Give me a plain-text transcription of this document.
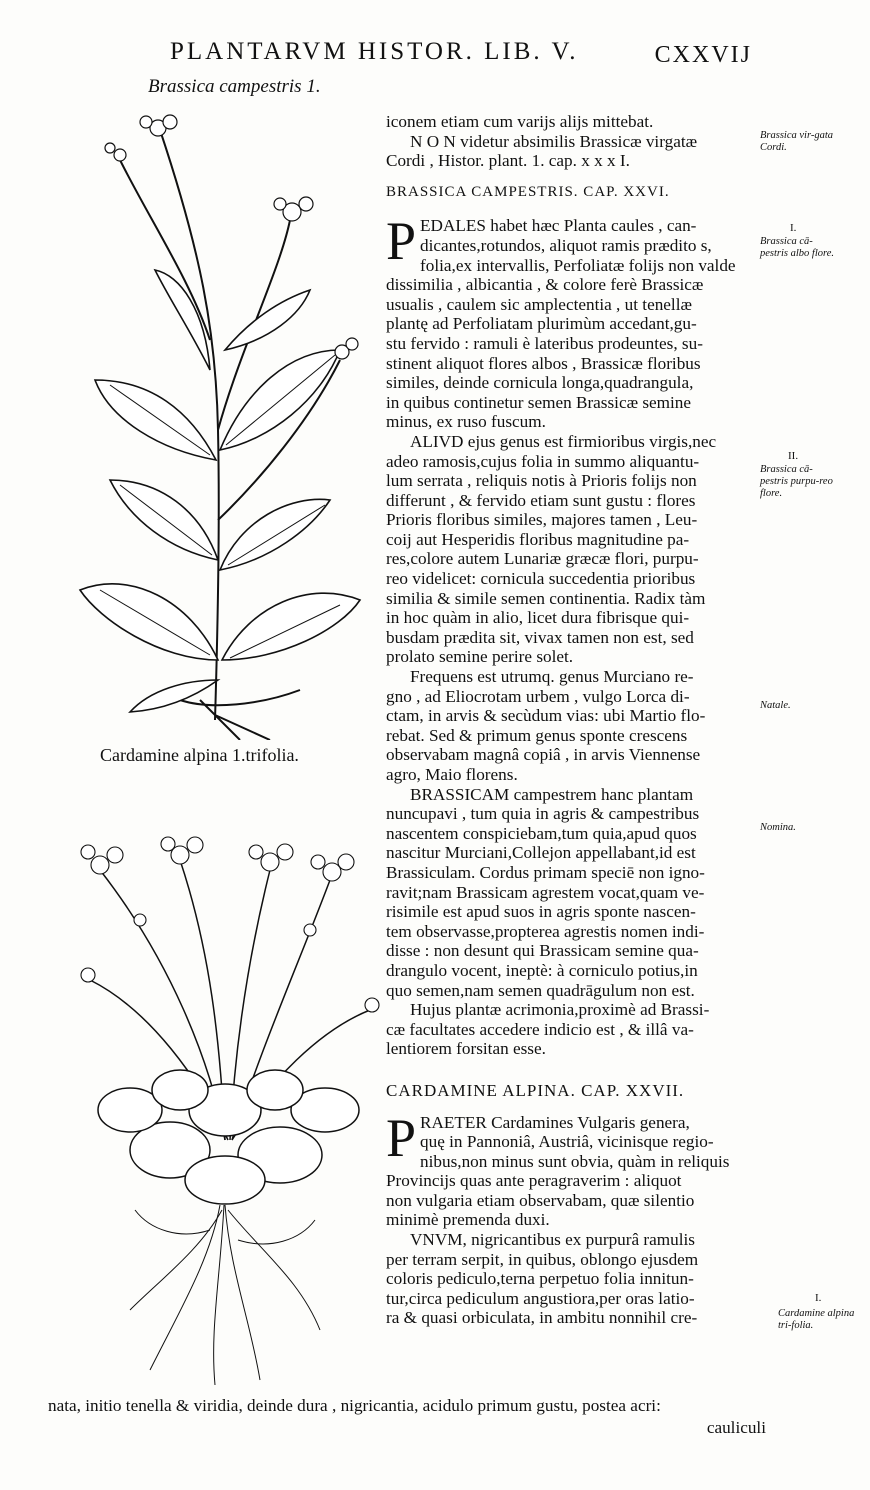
PLANTARVM HISTOR. LIB. V.	CXXVIJ
Brassica campestris 1.
Cardamine alpina 1.trifolia.

iconem etiam cum varijs alijs mittebat.
N O N videtur absimilis Brassicæ virgatæ
Cordi , Histor. plant. 1. cap. x x x I.

BRASSICA CAMPESTRIS. CAP. XXVI.

P EDALES habet hæc Planta caules , can-
dicantes,rotundos, aliquot ramis prædito s,
folia,ex intervallis, Perfoliatæ folijs non valde
dissimilia , albicantia , & colore ferè Brassicæ
usualis , caulem sic amplectentia , ut tenellæ
plantę ad Perfoliatam plurimùm accedant,gu-
stu fervido : ramuli è lateribus prodeuntes, su-
stinent aliquot flores albos , Brassicæ floribus
similes, deinde cornicula longa,quadrangula,
in quibus continetur semen Brassicæ semine
minus, ex ruso fuscum.

ALIVD ejus genus est firmioribus virgis,nec
adeo ramosis,cujus folia in summo aliquantu-
lum serrata , reliquis notis à Prioris folijs non
differunt , & fervido etiam sunt gustu : flores
Prioris floribus similes, majores tamen , Leu-
coij aut Hesperidis floribus magnitudine pa-
res,colore autem Lunariæ græcæ flori, purpu-
reo videlicet: cornicula succedentia prioribus
similia & simile semen continentia. Radix tàm
in hoc quàm in alio, licet dura fibrisque qui-
busdam prædita sit, vivax tamen non est, sed
prolato semine perire solet.

Frequens est utrumq. genus Murciano re-
gno , ad Eliocrotam urbem , vulgo Lorca di-
ctam, in arvis & secùdum vias: ubi Martio flo-
rebat. Sed & primum genus sponte crescens
observabam magnâ copiâ , in arvis Viennense
agro, Maio florens.

BRASSICAM campestrem hanc plantam
nuncupavi , tum quia in agris & campestribus
nascentem conspiciebam,tum quia,apud quos
nascitur Murciani,Collejon appellabant,id est
Brassiculam. Cordus primam speciē non igno-
ravit;nam Brassicam agrestem vocat,quam ve-
risimile est apud suos in agris sponte nascen-
tem observasse,propterea agrestis nomen indi-
disse : non desunt qui Brassicam semine qua-
drangulo vocent, ineptè: à corniculo potius,in
quo semen,nam semen quadrāgulum non est.

Hujus plantæ acrimonia,proximè ad Brassi-
cæ facultates accedere indicio est , & illâ va-
lentiorem forsitan esse.

CARDAMINE ALPINA. CAP. XXVII.

P RAETER Cardamines Vulgaris genera,
quę in Pannoniâ, Austriâ, vicinisque regio-
nibus,non minus sunt obvia, quàm in reliquis
Provincijs quas ante peragraverim : aliquot
non vulgaria etiam observabam, quæ silentio
minimè premenda duxi.

VNVM, nigricantibus ex purpurâ ramulis
per terram serpit, in quibus, oblongo ejusdem
coloris pediculo,terna perpetuo folia innitun-
tur,circa pediculum angustiora,per oras latio-
ra & quasi orbiculata, in ambitu nonnihil cre-

nata, initio tenella & viridia, deinde dura , nigricantia, acidulo primum gustu, postea acri:
cauliculi
Brassica vir-gata Cordi.
I.
Brassica cā-pestris albo flore.
II.
Brassica cā-pestris purpu-reo flore.
Natale.
Nomina.
I.
Cardamine alpina tri-folia.
